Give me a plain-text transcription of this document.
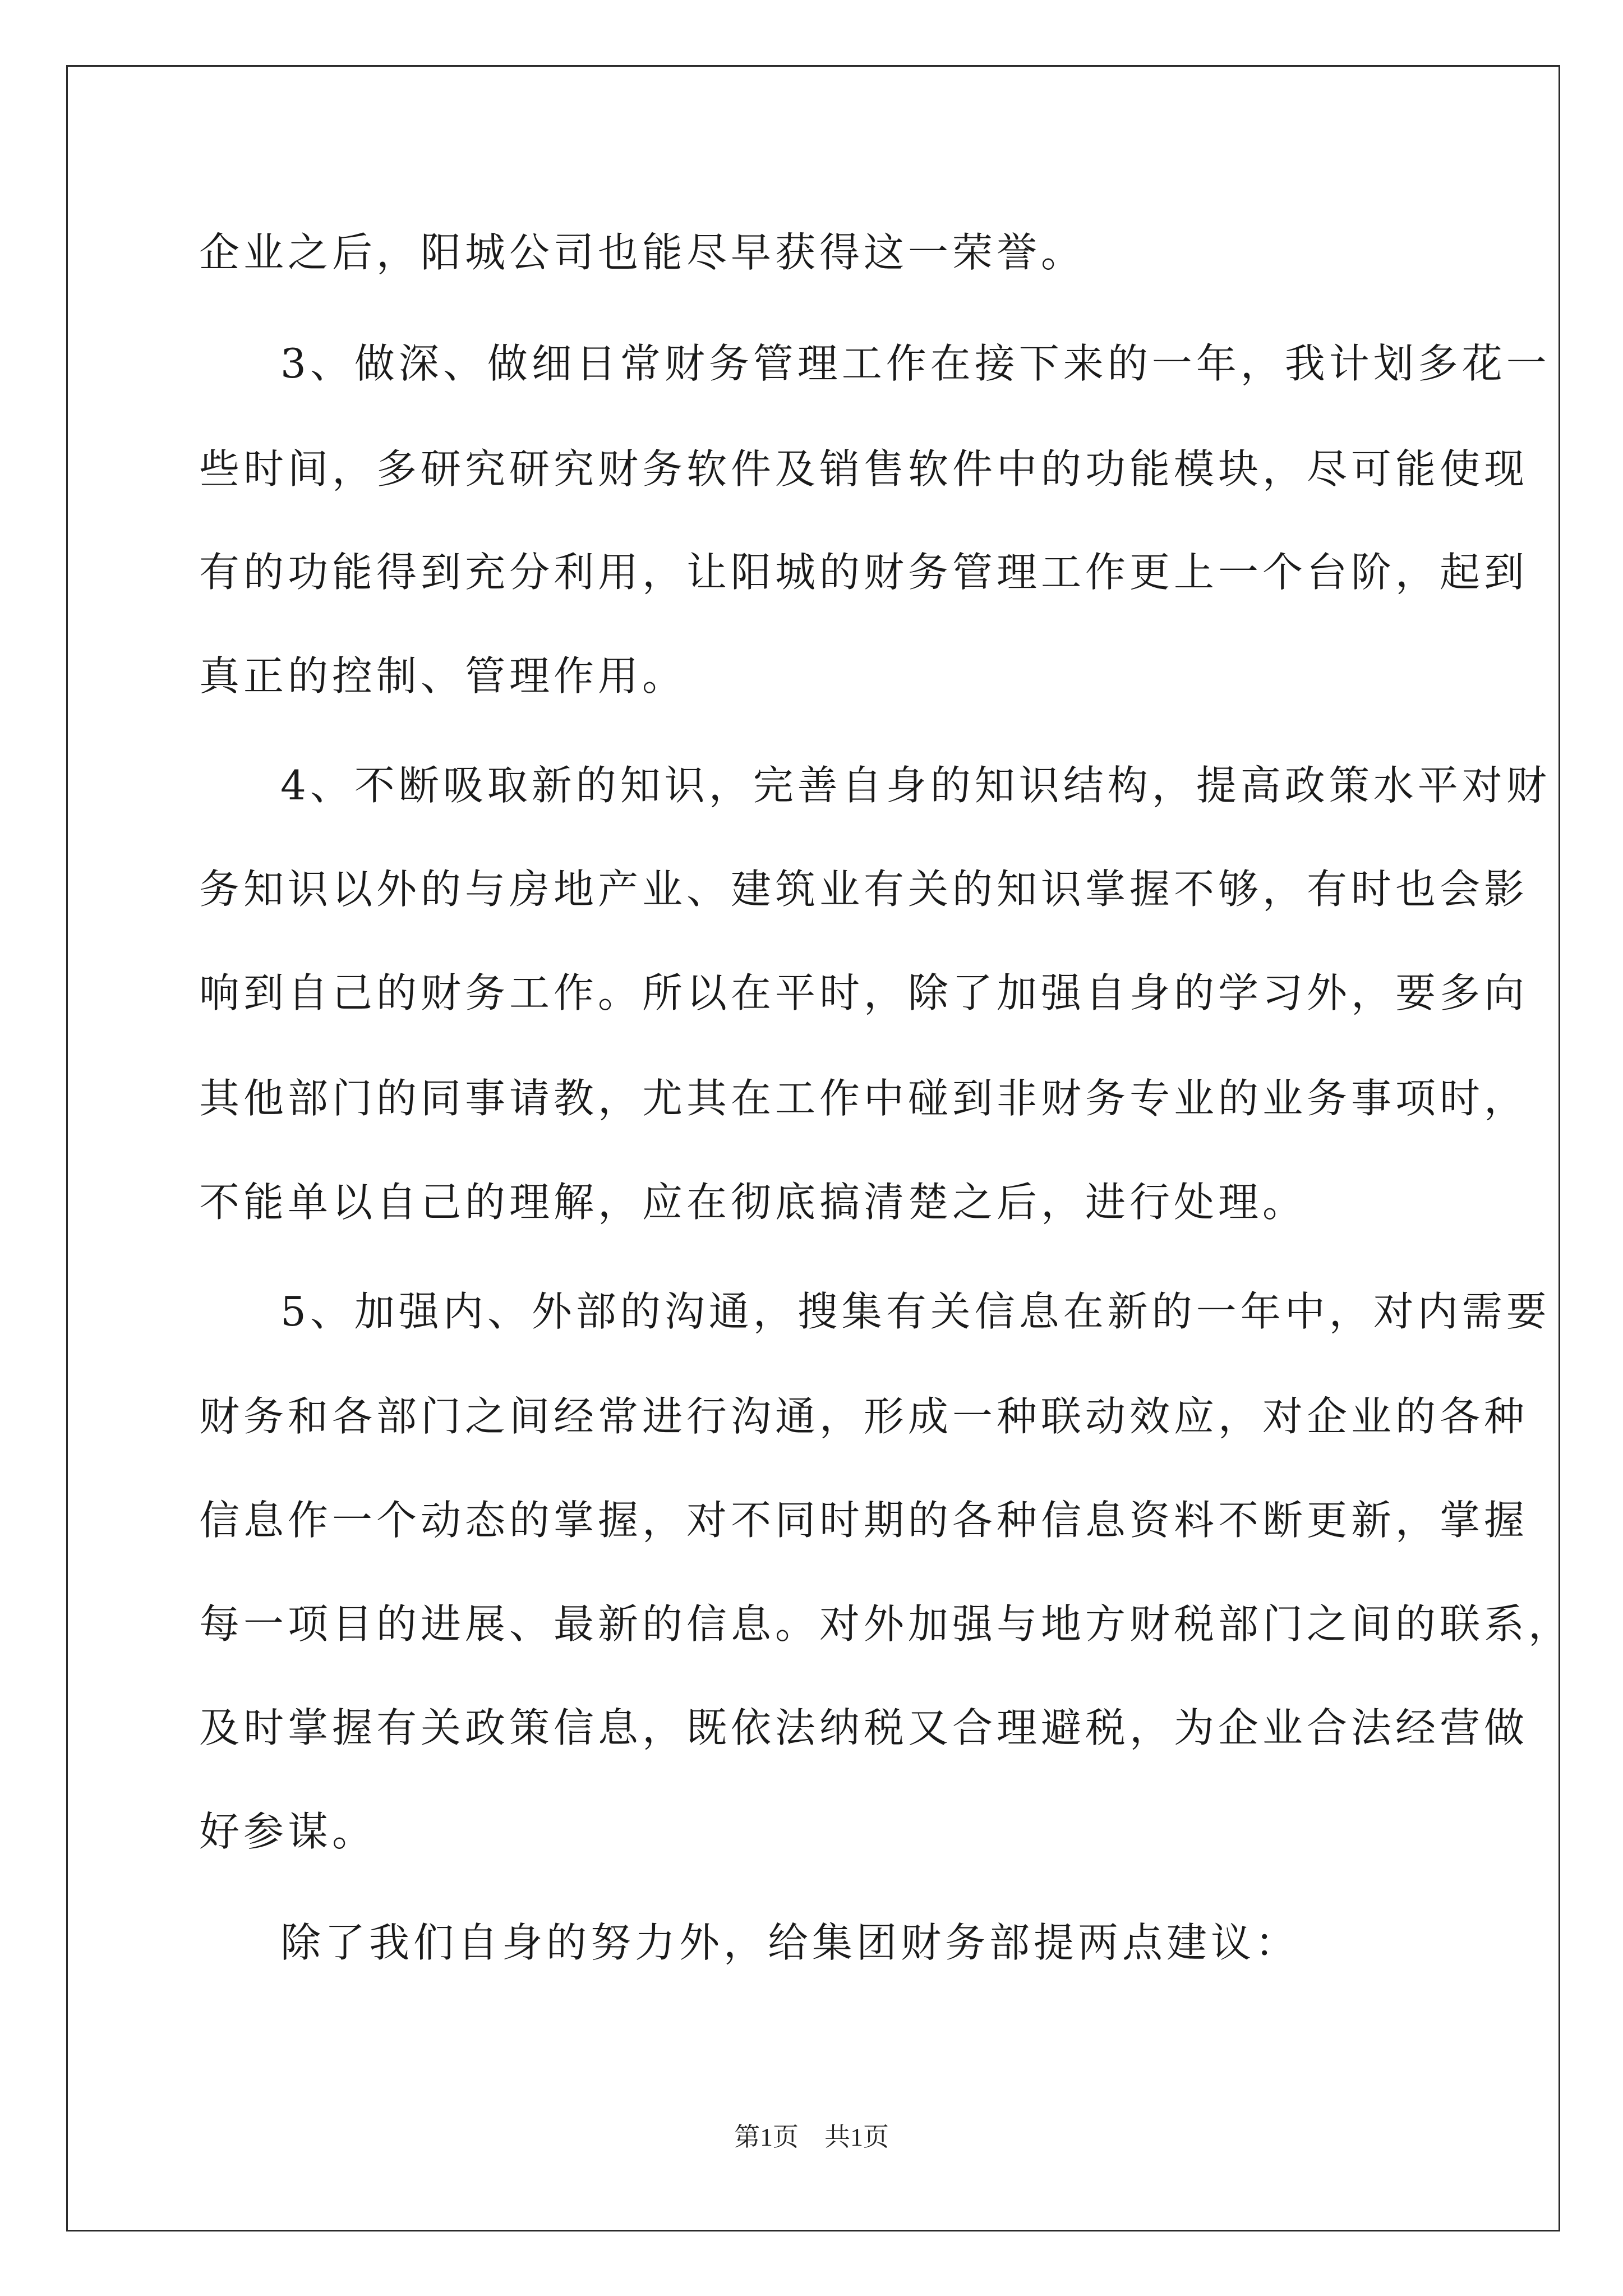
企业之后，阳城公司也能尽早获得这一荣誉。
3、做深、做细日常财务管理工作在接下来的一年，我计划多花一
些时间，多研究研究财务软件及销售软件中的功能模块，尽可能使现
有的功能得到充分利用，让阳城的财务管理工作更上一个台阶，起到
真正的控制、管理作用。
4、不断吸取新的知识，完善自身的知识结构，提高政策水平对财
务知识以外的与房地产业、建筑业有关的知识掌握不够，有时也会影
响到自己的财务工作。所以在平时，除了加强自身的学习外，要多向
其他部门的同事请教，尤其在工作中碰到非财务专业的业务事项时，
不能单以自己的理解，应在彻底搞清楚之后，进行处理。
5、加强内、外部的沟通，搜集有关信息在新的一年中，对内需要
财务和各部门之间经常进行沟通，形成一种联动效应，对企业的各种
信息作一个动态的掌握，对不同时期的各种信息资料不断更新，掌握
每一项目的进展、最新的信息。对外加强与地方财税部门之间的联系，
及时掌握有关政策信息，既依法纳税又合理避税，为企业合法经营做
好参谋。
除了我们自身的努力外，给集团财务部提两点建议：
第1页　共1页
